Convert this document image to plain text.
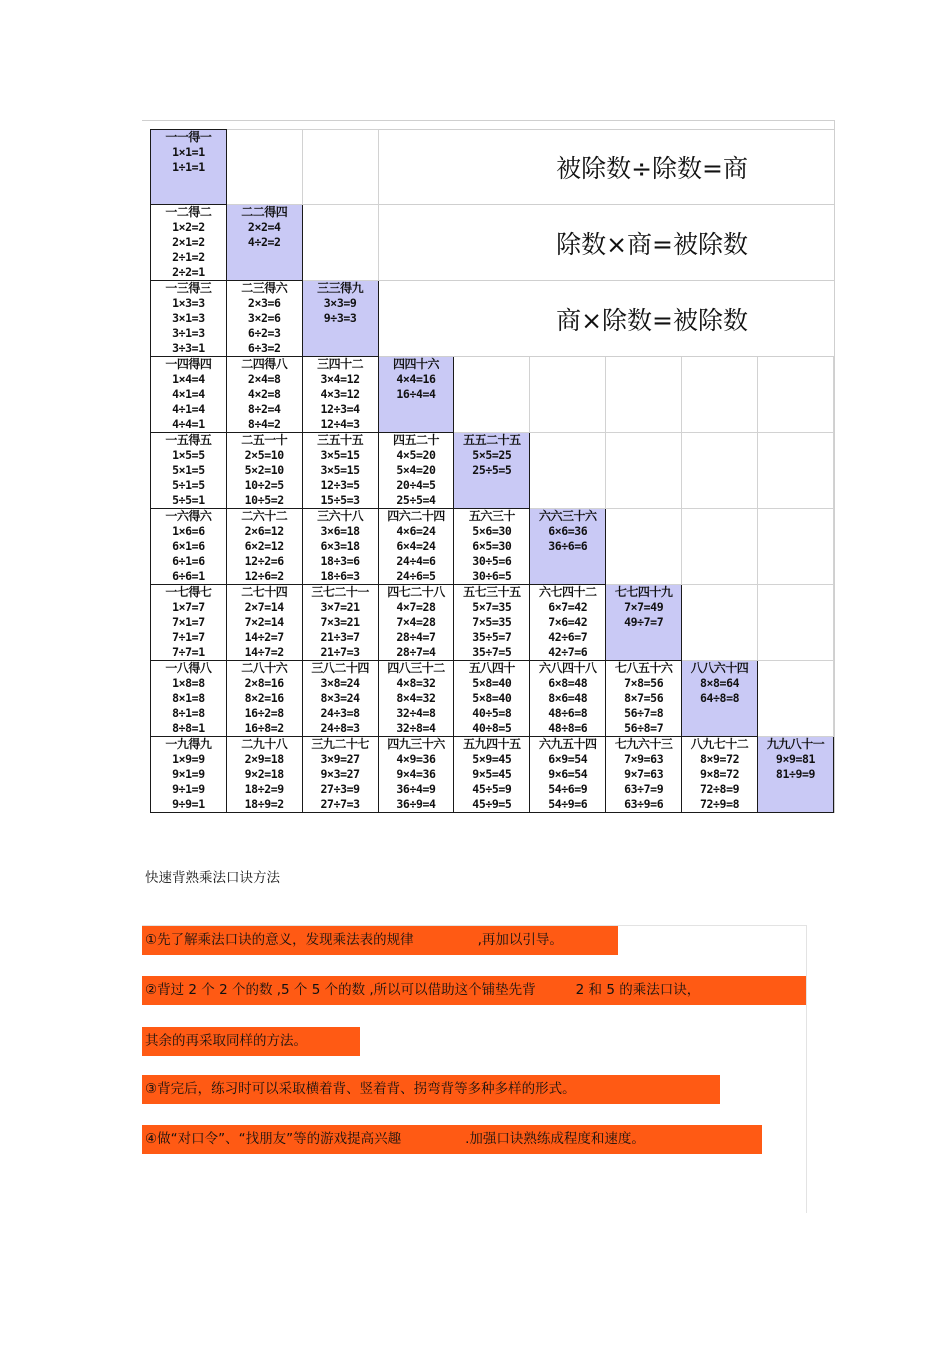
一一得一
1×1=1
1÷1=1			被除数÷除数=商					

一二得二
1×2=2
2×1=2
2÷1=2
2÷2=1	二二得四
2×2=4
4÷2=2		除数×商=被除数					

一三得三
1×3=3
3×1=3
3÷1=3
3÷3=1	二三得六
2×3=6
3×2=6
6÷2=3
6÷3=2	三三得九
3×3=9
9÷3=3	商×除数=被除数					

一四得四
1×4=4
4×1=4
4÷1=4
4÷4=1	二四得八
2×4=8
4×2=8
8÷2=4
8÷4=2	三四十二
3×4=12
4×3=12
12÷3=4
12÷4=3	四四十六
4×4=16
16÷4=4					

一五得五
1×5=5
5×1=5
5÷1=5
5÷5=1	二五一十
2×5=10
5×2=10
10÷2=5
10÷5=2	三五十五
3×5=15
3×5=15
12÷3=5
15÷5=3	四五二十
4×5=20
5×4=20
20÷4=5
25÷5=4	五五二十五
5×5=25
25÷5=5				

一六得六
1×6=6
6×1=6
6÷1=6
6÷6=1	二六十二
2×6=12
6×2=12
12÷2=6
12÷6=2	三六十八
3×6=18
6×3=18
18÷3=6
18÷6=3	四六二十四
4×6=24
6×4=24
24÷4=6
24÷6=5	五六三十
5×6=30
6×5=30
30÷5=6
30÷6=5	六六三十六
6×6=36
36÷6=6			

一七得七
1×7=7
7×1=7
7÷1=7
7÷7=1	二七十四
2×7=14
7×2=14
14÷2=7
14÷7=2	三七二十一
3×7=21
7×3=21
21÷3=7
21÷7=3	四七二十八
4×7=28
7×4=28
28÷4=7
28÷7=4	五七三十五
5×7=35
7×5=35
35÷5=7
35÷7=5	六七四十二
6×7=42
7×6=42
42÷6=7
42÷7=6	七七四十九
7×7=49
49÷7=7		

一八得八
1×8=8
8×1=8
8÷1=8
8÷8=1	二八十六
2×8=16
8×2=16
16÷2=8
16÷8=2	三八二十四
3×8=24
8×3=24
24÷3=8
24÷8=3	四八三十二
4×8=32
8×4=32
32÷4=8
32÷8=4	五八四十
5×8=40
5×8=40
40÷5=8
40÷8=5	六八四十八
6×8=48
8×6=48
48÷6=8
48÷8=6	七八五十六
7×8=56
8×7=56
56÷7=8
56÷8=7	八八六十四
8×8=64
64÷8=8	

一九得九
1×9=9
9×1=9
9÷1=9
9÷9=1	二九十八
2×9=18
9×2=18
18÷2=9
18÷9=2	三九二十七
3×9=27
9×3=27
27÷3=9
27÷7=3	四九三十六
4×9=36
9×4=36
36÷4=9
36÷9=4	五九四十五
5×9=45
9×5=45
45÷5=9
45÷9=5	六九五十四
6×9=54
9×6=54
54÷6=9
54÷9=6	七九六十三
7×9=63
9×7=63
63÷7=9
63÷9=6	八九七十二
8×9=72
9×8=72
72÷8=9
72÷9=8	九九八十一
9×9=81
81÷9=9
快速背熟乘法口诀方法
①先了解乘法口诀的意义，发现乘法表的规律	,再加以引导。
②背过 2 个 2 个的数 ,5 个 5 个的数 ,所以可以借助这个铺垫先背	2 和 5 的乘法口诀，
其余的再采取同样的方法。
③背完后，练习时可以采取横着背、竖着背、拐弯背等多种多样的形式。
④做“对口令”、“找朋友”等的游戏提高兴趣	.加强口诀熟练成程度和速度。
